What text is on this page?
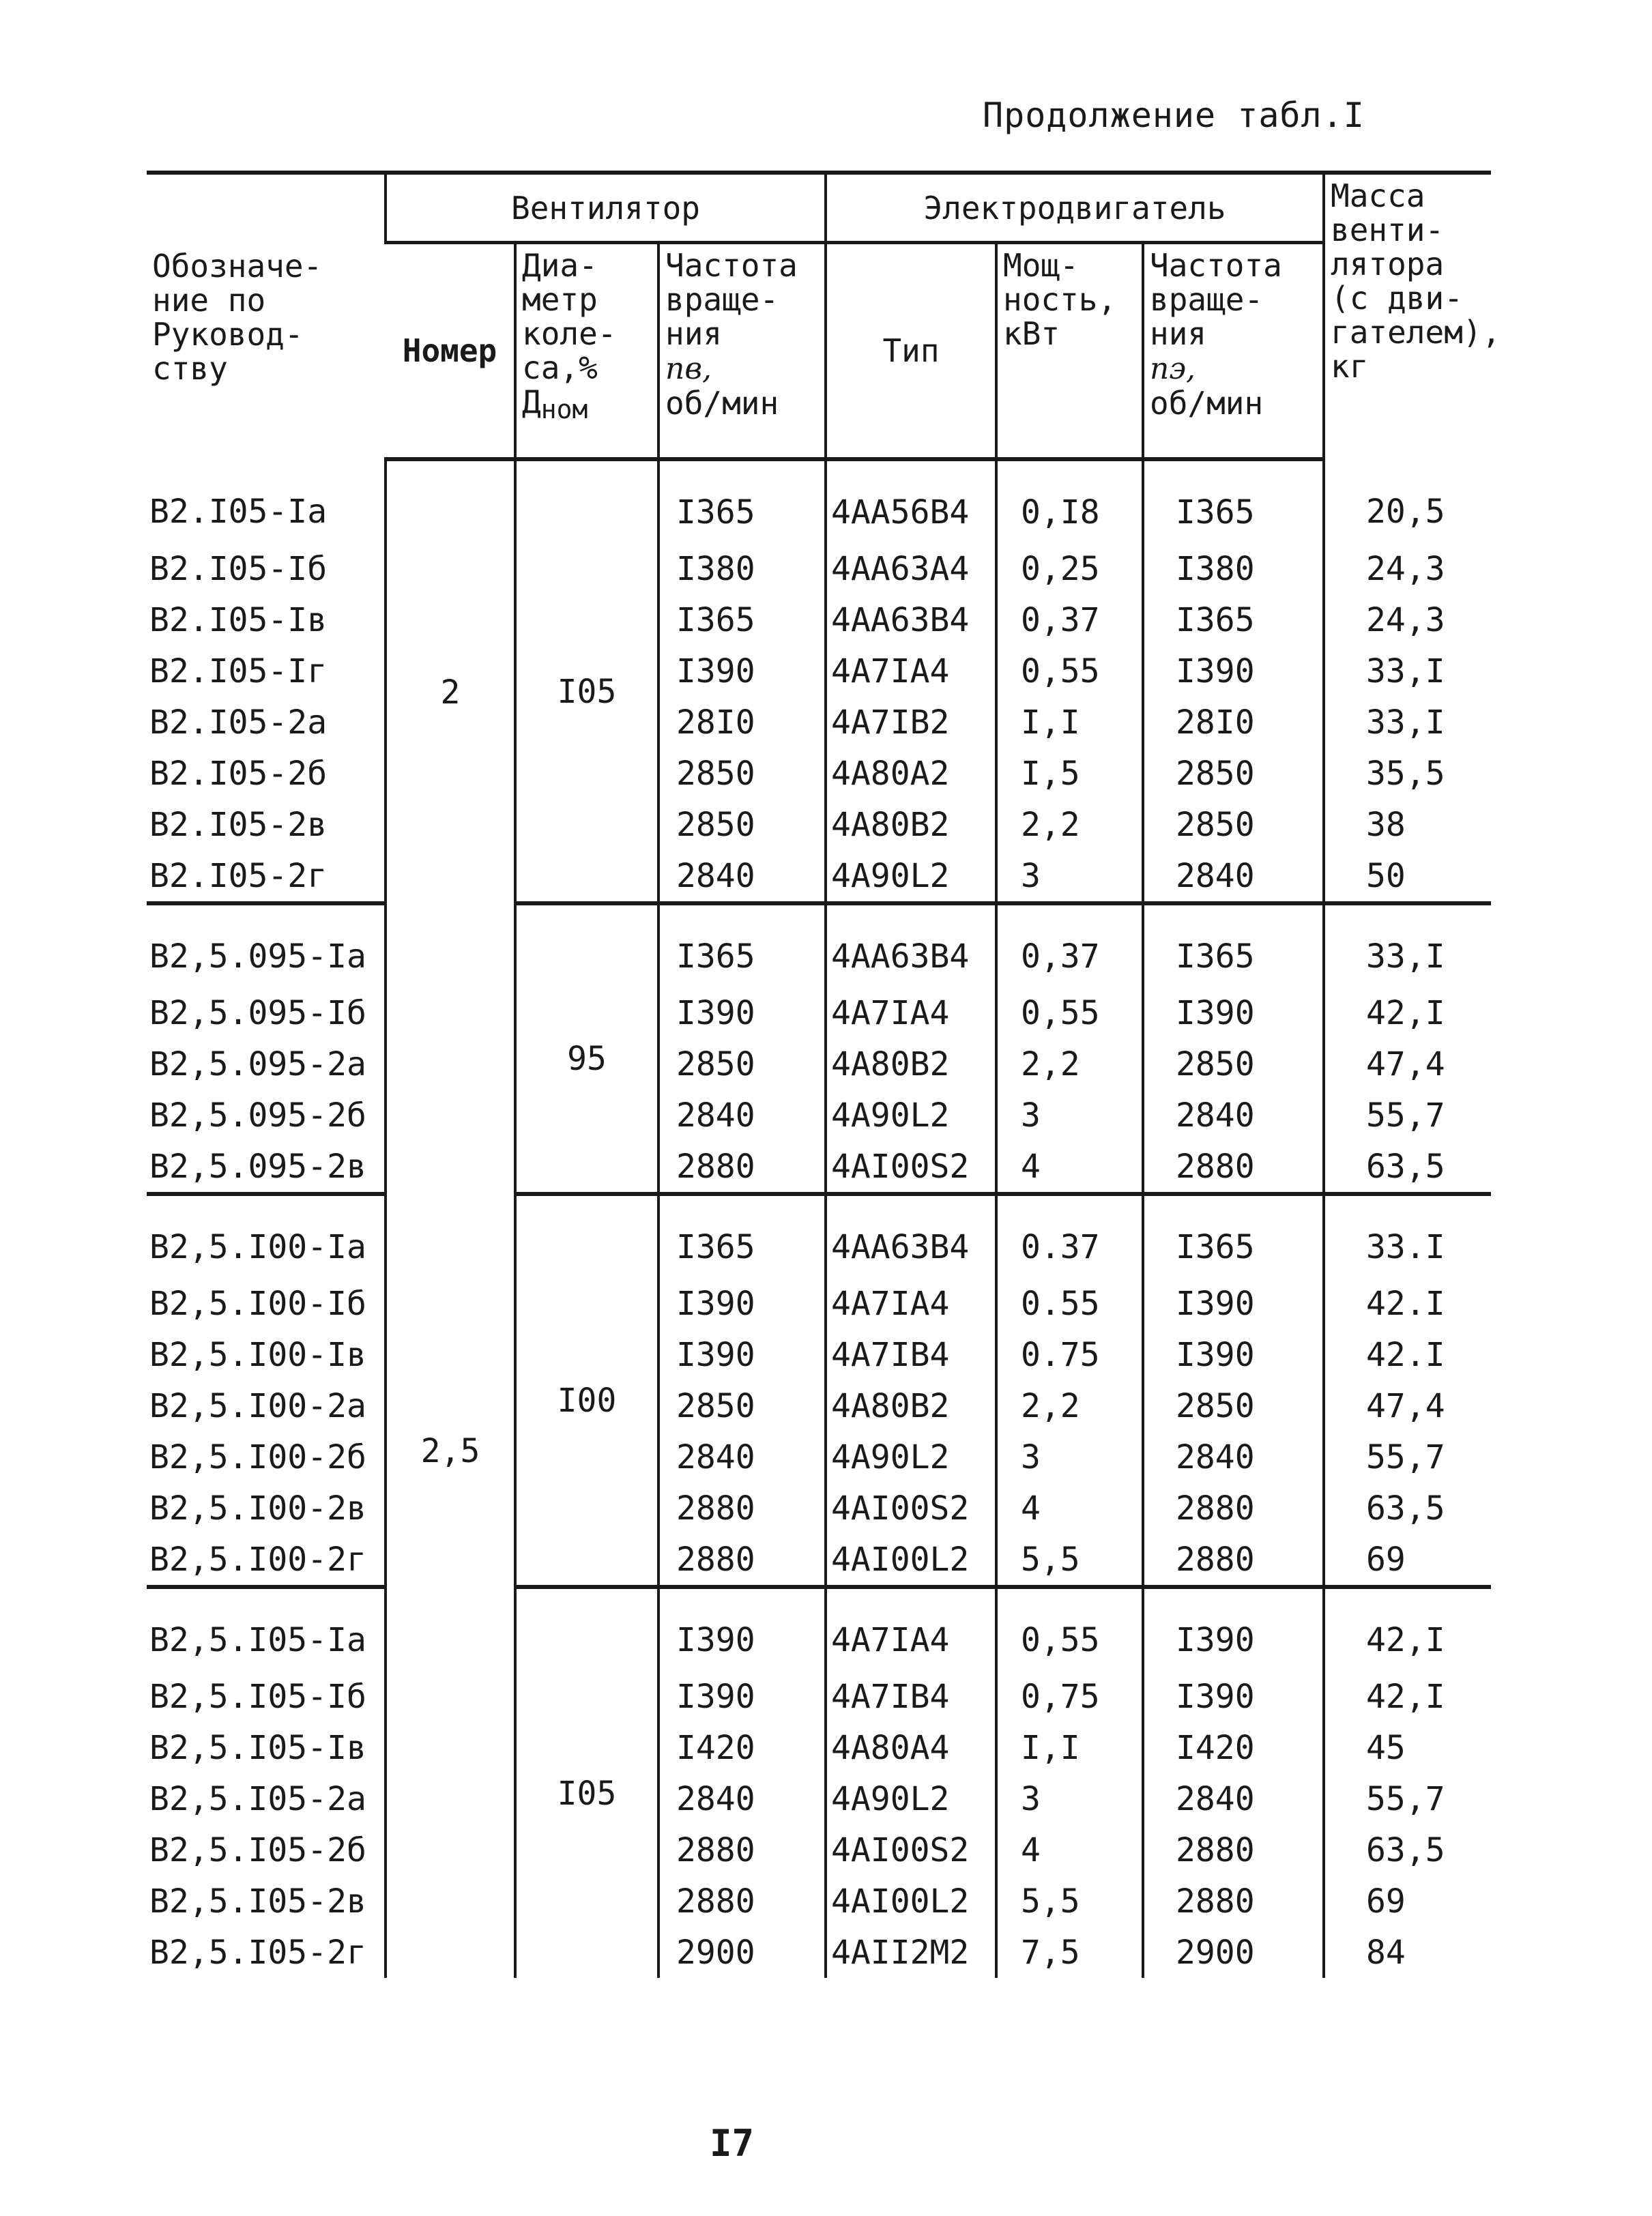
Продолжение табл.I
Обозначе-ние по Руковод-ству	Вентилятор			Электродвигатель			Масса венти-лятора (с дви-гателем), кг
	Номер	Диа-метр коле-са,%
$Д_{ном}$	Частота враще-ния
nв,
об/мин	Тип	Мощ-ность, кВт	Частота враще-ния
nэ,
об/мин	
В2.I05-Iа	2	I05	I365	4АА56В4	0,I8	I365	20,5
В2.I05-Iб			I380	4АА63А4	0,25	I380	24,3
В2.I05-Iв			I365	4АА63В4	0,37	I365	24,3
В2.I05-Iг			I390	4А7IА4	0,55	I390	33,I
В2.I05-2а			28I0	4А7IВ2	I,I	28I0	33,I
В2.I05-2б			2850	4А80А2	I,5	2850	35,5
В2.I05-2в			2850	4А80В2	2,2	2850	38
В2.I05-2г			2840	4А90L2	3	2840	50
В2,5.095-Iа	2,5	95	I365	4АА63В4	0,37	I365	33,I
В2,5.095-Iб			I390	4А7IА4	0,55	I390	42,I
В2,5.095-2а			2850	4А80В2	2,2	2850	47,4
В2,5.095-2б			2840	4А90L2	3	2840	55,7
В2,5.095-2в			2880	4АI00S2	4	2880	63,5
В2,5.I00-Iа		I00	I365	4АА63В4	0.37	I365	33.I
В2,5.I00-Iб			I390	4А7IА4	0.55	I390	42.I
В2,5.I00-Iв			I390	4А7IВ4	0.75	I390	42.I
В2,5.I00-2а			2850	4А80В2	2,2	2850	47,4
В2,5.I00-2б			2840	4А90L2	3	2840	55,7
В2,5.I00-2в			2880	4АI00S2	4	2880	63,5
В2,5.I00-2г			2880	4АI00L2	5,5	2880	69
В2,5.I05-Iа		I05	I390	4А7IА4	0,55	I390	42,I
В2,5.I05-Iб			I390	4А7IВ4	0,75	I390	42,I
В2,5.I05-Iв			I420	4А80А4	I,I	I420	45
В2,5.I05-2а			2840	4А90L2	3	2840	55,7
В2,5.I05-2б			2880	4АI00S2	4	2880	63,5
В2,5.I05-2в			2880	4АI00L2	5,5	2880	69
В2,5.I05-2г			2900	4АII2М2	7,5	2900	84
I7
